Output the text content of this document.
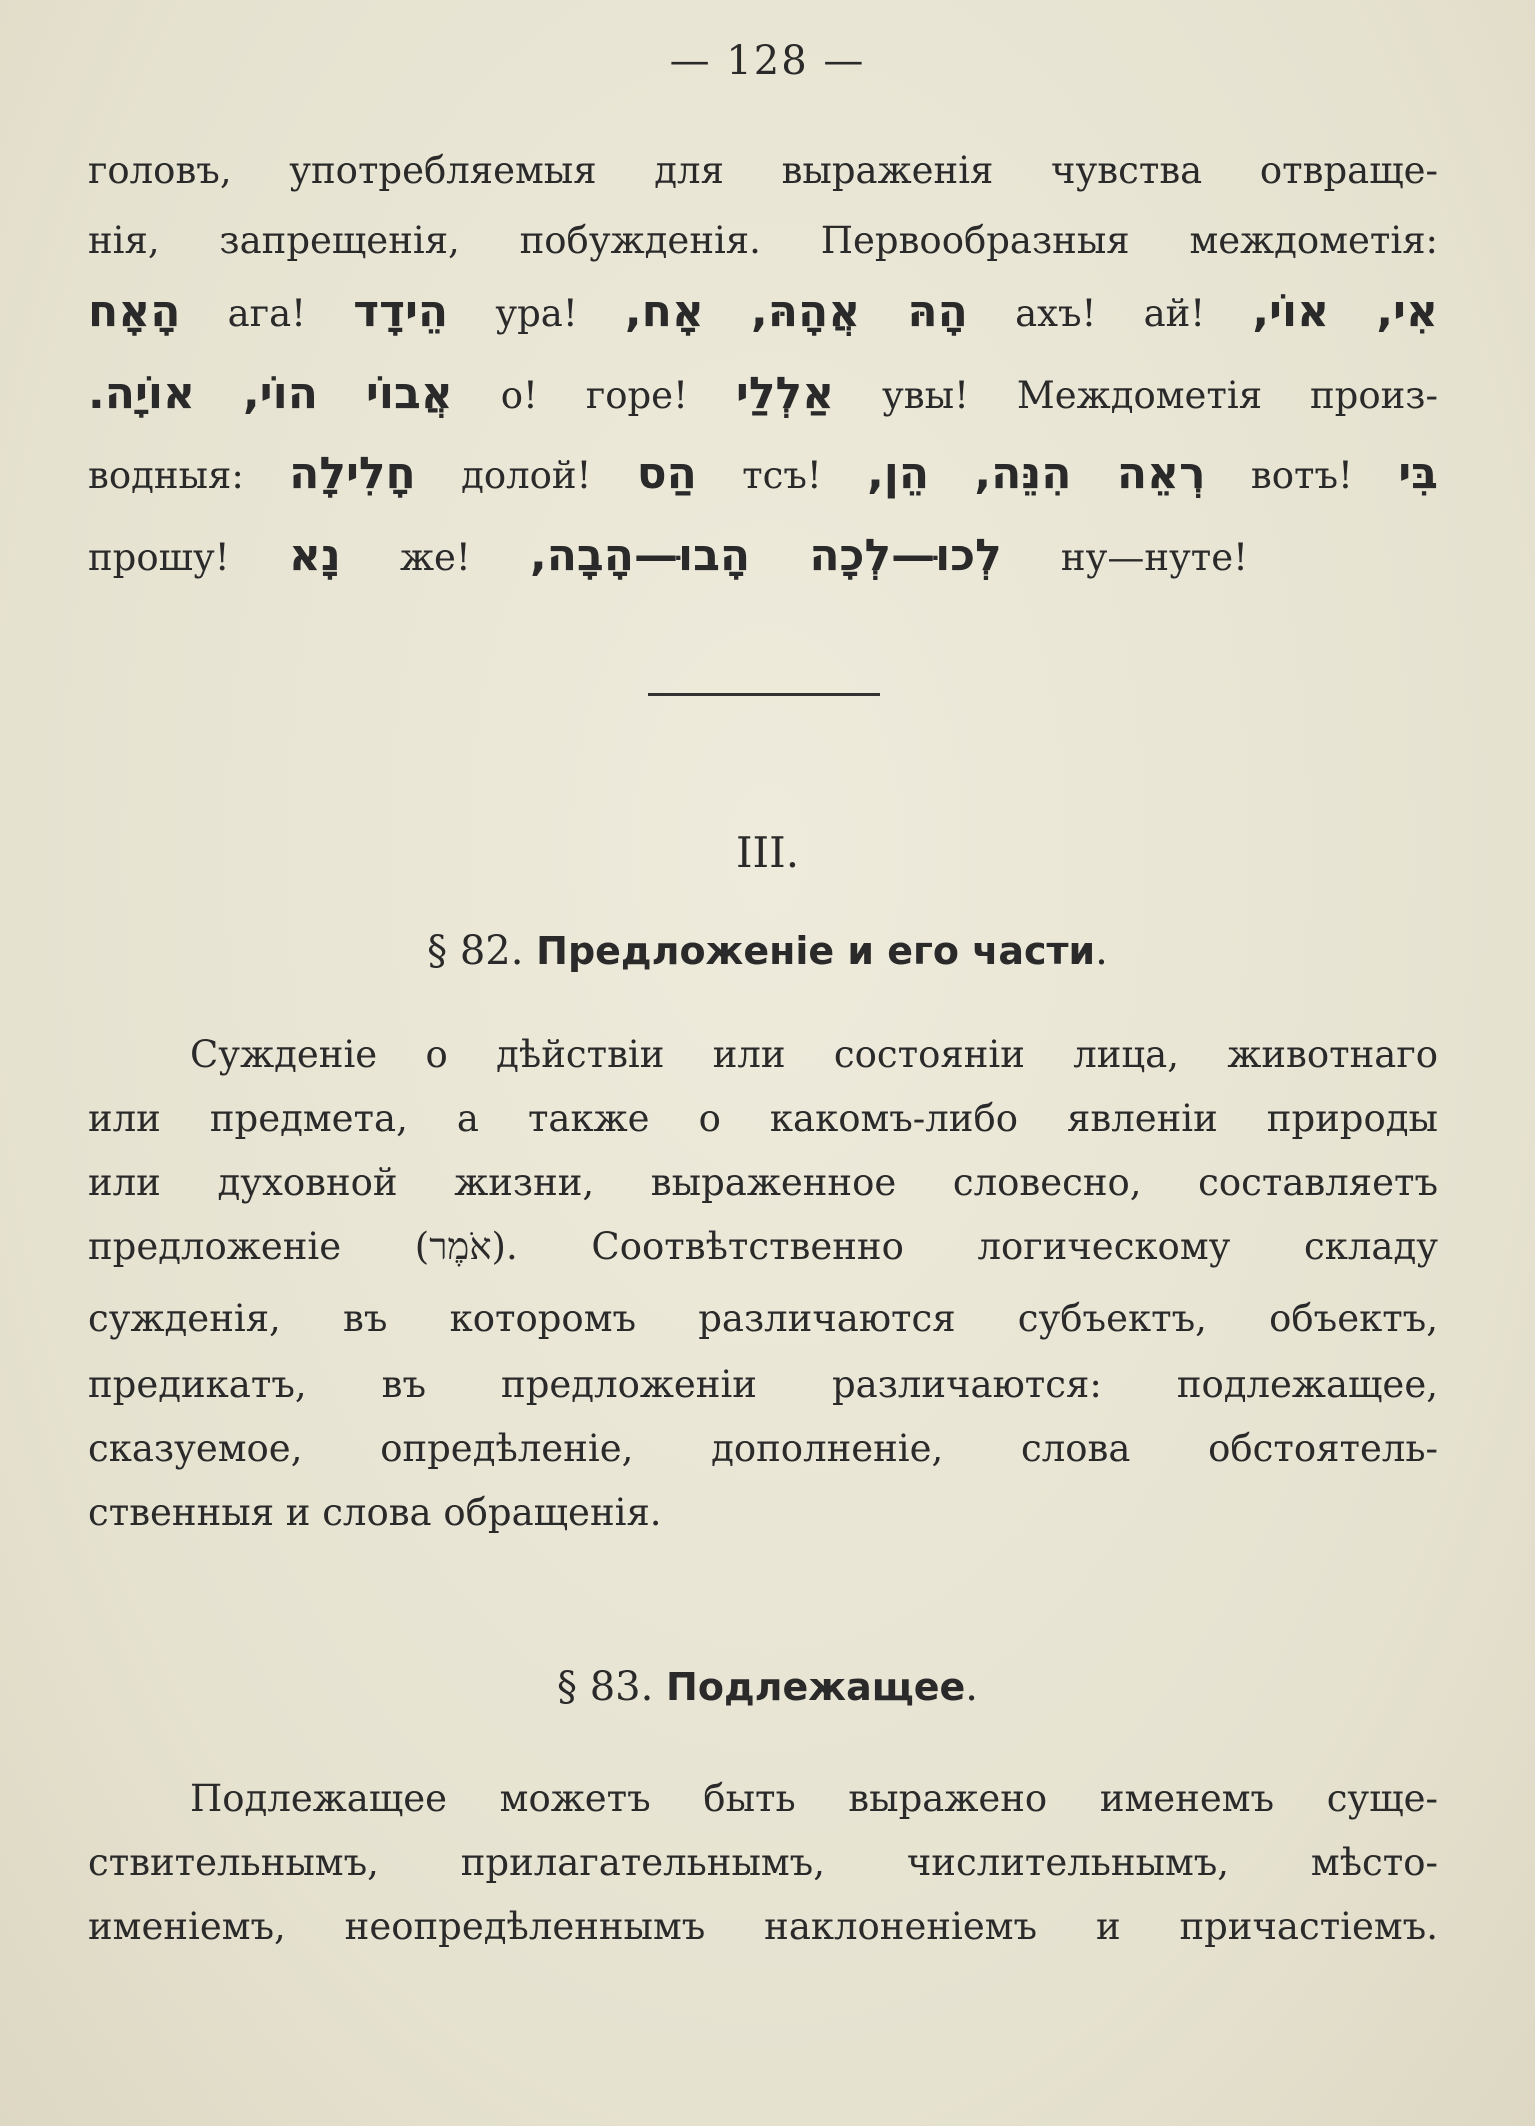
— 128 —
головъ, употребляемыя для выраженія чувства отвраще-
нія, запрещенія, побужденія. Первообразныя междометія:
הָאָח ага! הֵידָד ура! אָח, אֲהָהּ, הָהּ ахъ! ай! אוֹי, אִי,
אוֹיָה. הוֹי, אֲבוֹי о! горе! אַלְלַי увы! Междометія произ-
водныя: חָלִילָה долой! הַס тсъ! הֵן, הִנֵּה, רְאֵה вотъ! בִּי
прошу! נָא же! הָבוּ—הָבָה, לְכוּ—לְכָה ну—нуте!
III.
§ 82. Предложеніе и его части.
Сужденіе о дѣйствіи или состояніи лица, животнаго
или предмета, а также о какомъ-либо явленіи природы
или духовной жизни, выраженное словесно, составляетъ
предложеніе (אֹמֶר). Соотвѣтственно логическому складу
сужденія, въ которомъ различаются субъектъ, объектъ,
предикатъ, въ предложеніи различаются: подлежащее,
сказуемое, опредѣленіе, дополненіе, слова обстоятель-
ственныя и слова обращенія.
§ 83. Подлежащее.
Подлежащее можетъ быть выражено именемъ суще-
ствительнымъ, прилагательнымъ, числительнымъ, мѣсто-
именіемъ, неопредѣленнымъ наклоненіемъ и причастіемъ.
